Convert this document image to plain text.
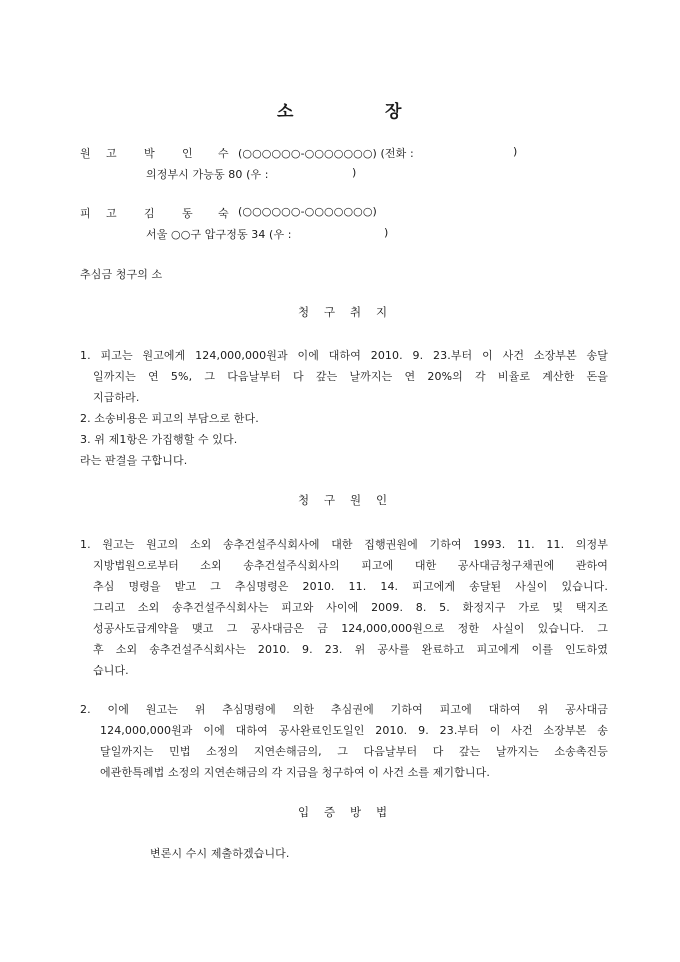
소	장
원 고 박 인 수 (○○○○○○-○○○○○○○) (전화 :	)
의정부시 가능동 80 (우 :	)
피 고 김 동 숙 (○○○○○○-○○○○○○○)
서울 ○○구 압구정동 34 (우 :	)
추심금 청구의 소
청 구 취 지
1. 피고는 원고에게 124,000,000원과 이에 대하여 2010. 9. 23.부터 이 사건 소장부본 송달
일까지는 연 5%, 그 다음날부터 다 갚는 날까지는 연 20%의 각 비율로 계산한 돈을
지급하라.
2. 소송비용은 피고의 부담으로 한다.
3. 위 제1항은 가집행할 수 있다.
라는 판결을 구합니다.
청 구 원 인
1. 원고는 원고의 소외 송추건설주식회사에 대한 집행권원에 기하여 1993. 11. 11. 의정부
지방법원으로부터 소외 송추건설주식회사의 피고에 대한 공사대금청구채권에 관하여
추심 명령을 받고 그 추심명령은 2010. 11. 14. 피고에게 송달된 사실이 있습니다.
그리고 소외 송추건설주식회사는 피고와 사이에 2009. 8. 5. 화정지구 가로 및 택지조
성공사도급계약을 맺고 그 공사대금은 금 124,000,000원으로 정한 사실이 있습니다. 그
후 소외 송추건설주식회사는 2010. 9. 23. 위 공사를 완료하고 피고에게 이를 인도하였
습니다.
2. 이에 원고는 위 추심명령에 의한 추심권에 기하여 피고에 대하여 위 공사대금
124,000,000원과 이에 대하여 공사완료인도일인 2010. 9. 23.부터 이 사건 소장부본 송
달일까지는 민법 소정의 지연손해금의, 그 다음날부터 다 갚는 날까지는 소송촉진등
에관한특례법 소정의 지연손해금의 각 지급을 청구하여 이 사건 소를 제기합니다.
입 증 방 법
변론시 수시 제출하겠습니다.
